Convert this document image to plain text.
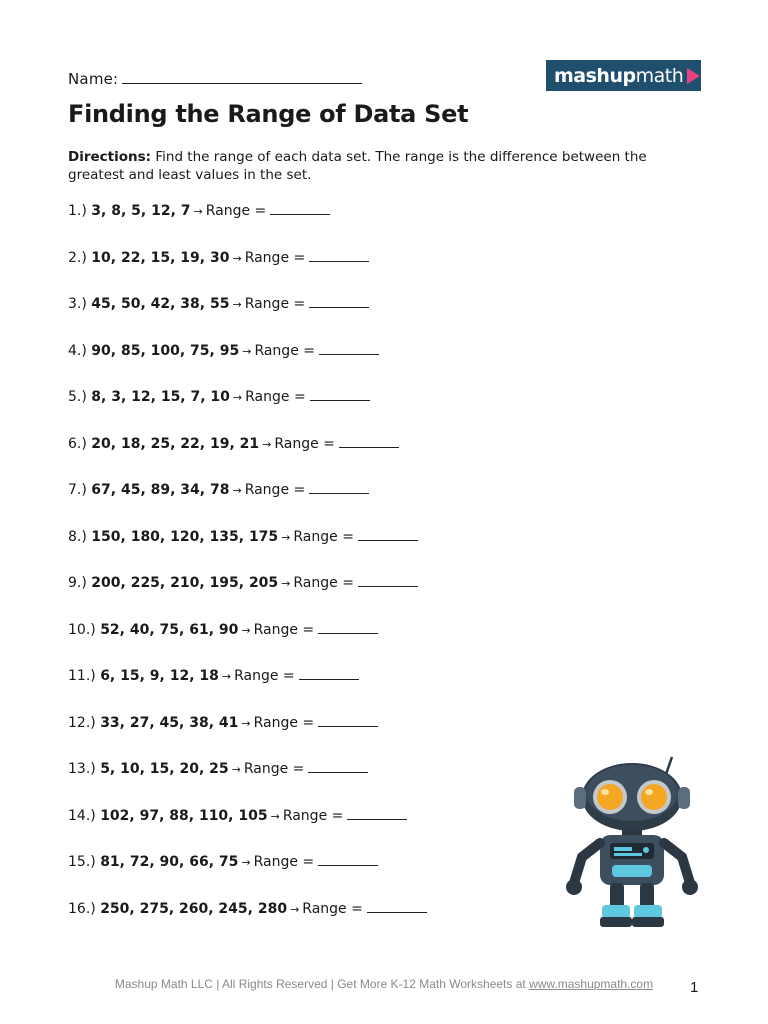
Name:	mashupmath
Finding the Range of Data Set
Directions: Find the range of each data set. The range is the difference between the greatest and least values in the set.
1.) 3, 8, 5, 12, 7 → Range =
2.) 10, 22, 15, 19, 30 → Range =
3.) 45, 50, 42, 38, 55 → Range =
4.) 90, 85, 100, 75, 95 → Range =
5.) 8, 3, 12, 15, 7, 10 → Range =
6.) 20, 18, 25, 22, 19, 21 → Range =
7.) 67, 45, 89, 34, 78 → Range =
8.) 150, 180, 120, 135, 175 → Range =
9.) 200, 225, 210, 195, 205 → Range =
10.) 52, 40, 75, 61, 90 → Range =
11.) 6, 15, 9, 12, 18 → Range =
12.) 33, 27, 45, 38, 41 → Range =
13.) 5, 10, 15, 20, 25 → Range =
14.) 102, 97, 88, 110, 105 → Range =
15.) 81, 72, 90, 66, 75 → Range =
16.) 250, 275, 260, 245, 280 → Range =
Mashup Math LLC | All Rights Reserved | Get More K-12 Math Worksheets at www.mashupmath.com	1
